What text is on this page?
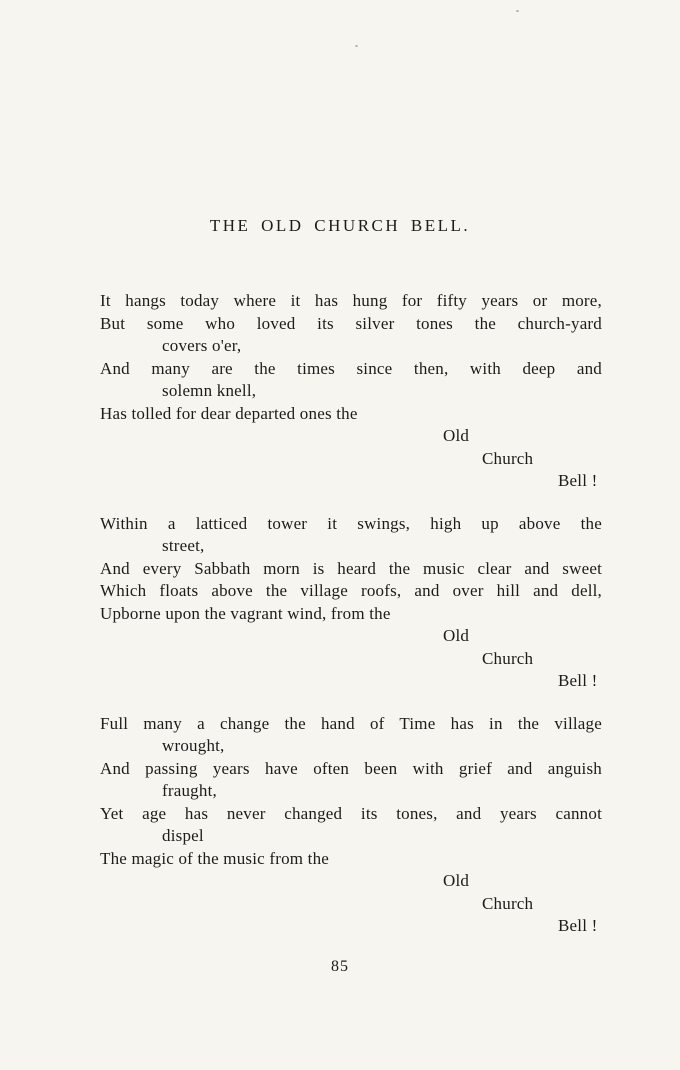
THE OLD CHURCH BELL.
It hangs today where it has hung for fifty years or more,
But some who loved its silver tones the church-yard
covers o'er,
And many are the times since then, with deep and
solemn knell,
Has tolled for dear departed ones the
Old
Church
Bell !
Within a latticed tower it swings, high up above the
street,
And every Sabbath morn is heard the music clear and sweet
Which floats above the village roofs, and over hill and dell,
Upborne upon the vagrant wind, from the
Old
Church
Bell !
Full many a change the hand of Time has in the village
wrought,
And passing years have often been with grief and anguish
fraught,
Yet age has never changed its tones, and years cannot
dispel
The magic of the music from the
Old
Church
Bell !
85
